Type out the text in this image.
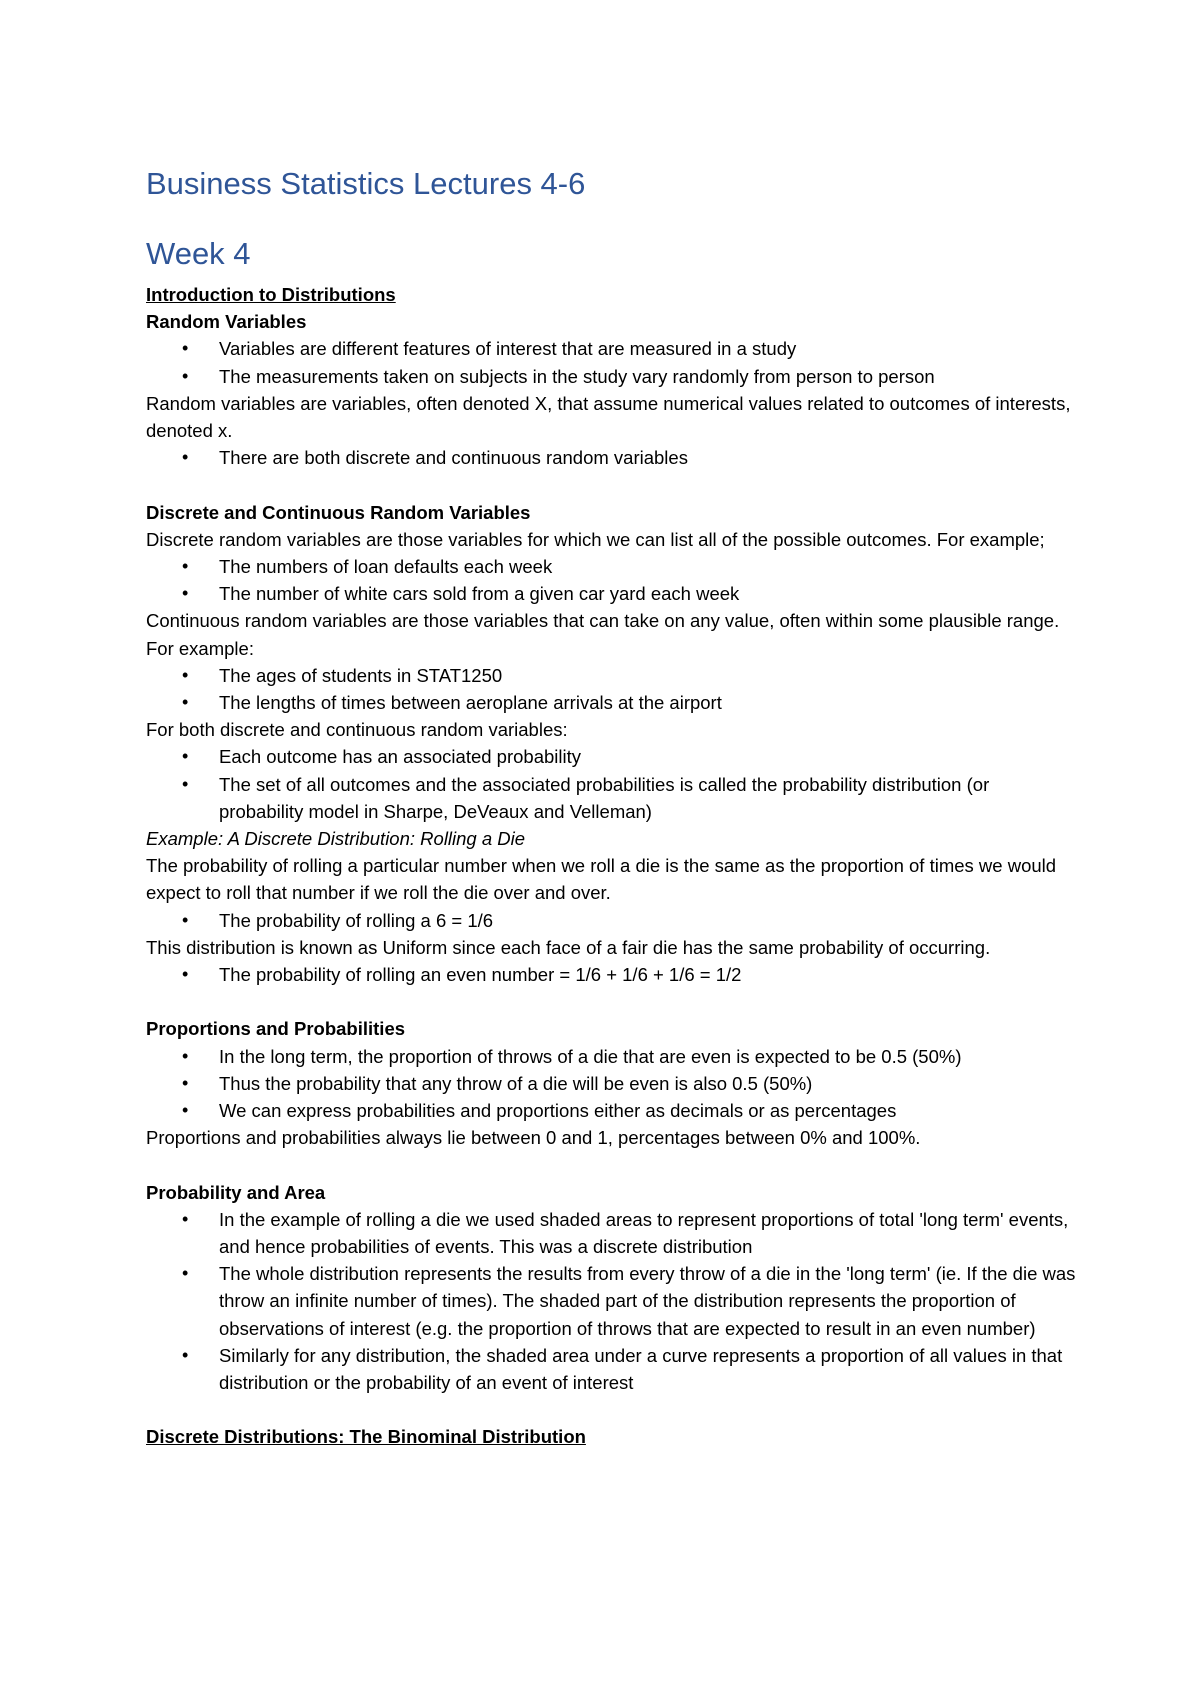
Business Statistics Lectures 4-6
Week 4

Introduction to Distributions

Random Variables

• Variables are different features of interest that are measured in a study
• The measurements taken on subjects in the study vary randomly from person to person

Random variables are variables, often denoted X, that assume numerical values related to outcomes of interests, denoted x.

• There are both discrete and continuous random variables

Discrete and Continuous Random Variables

Discrete random variables are those variables for which we can list all of the possible outcomes. For example;

• The numbers of loan defaults each week
• The number of white cars sold from a given car yard each week

Continuous random variables are those variables that can take on any value, often within some plausible range. For example:

• The ages of students in STAT1250
• The lengths of times between aeroplane arrivals at the airport

For both discrete and continuous random variables:

• Each outcome has an associated probability
• The set of all outcomes and the associated probabilities is called the probability distribution (or probability model in Sharpe, DeVeaux and Velleman)

Example: A Discrete Distribution: Rolling a Die

The probability of rolling a particular number when we roll a die is the same as the proportion of times we would expect to roll that number if we roll the die over and over.

• The probability of rolling a 6 = 1/6

This distribution is known as Uniform since each face of a fair die has the same probability of occurring.

• The probability of rolling an even number = 1/6 + 1/6 + 1/6 = 1/2

Proportions and Probabilities

• In the long term, the proportion of throws of a die that are even is expected to be 0.5 (50%)
• Thus the probability that any throw of a die will be even is also 0.5 (50%)
• We can express probabilities and proportions either as decimals or as percentages

Proportions and probabilities always lie between 0 and 1, percentages between 0% and 100%.

Probability and Area

• In the example of rolling a die we used shaded areas to represent proportions of total 'long term' events, and hence probabilities of events. This was a discrete distribution
• The whole distribution represents the results from every throw of a die in the 'long term' (ie. If the die was throw an infinite number of times). The shaded part of the distribution represents the proportion of observations of interest (e.g. the proportion of throws that are expected to result in an even number)
• Similarly for any distribution, the shaded area under a curve represents a proportion of all values in that distribution or the probability of an event of interest

Discrete Distributions: The Binominal Distribution
